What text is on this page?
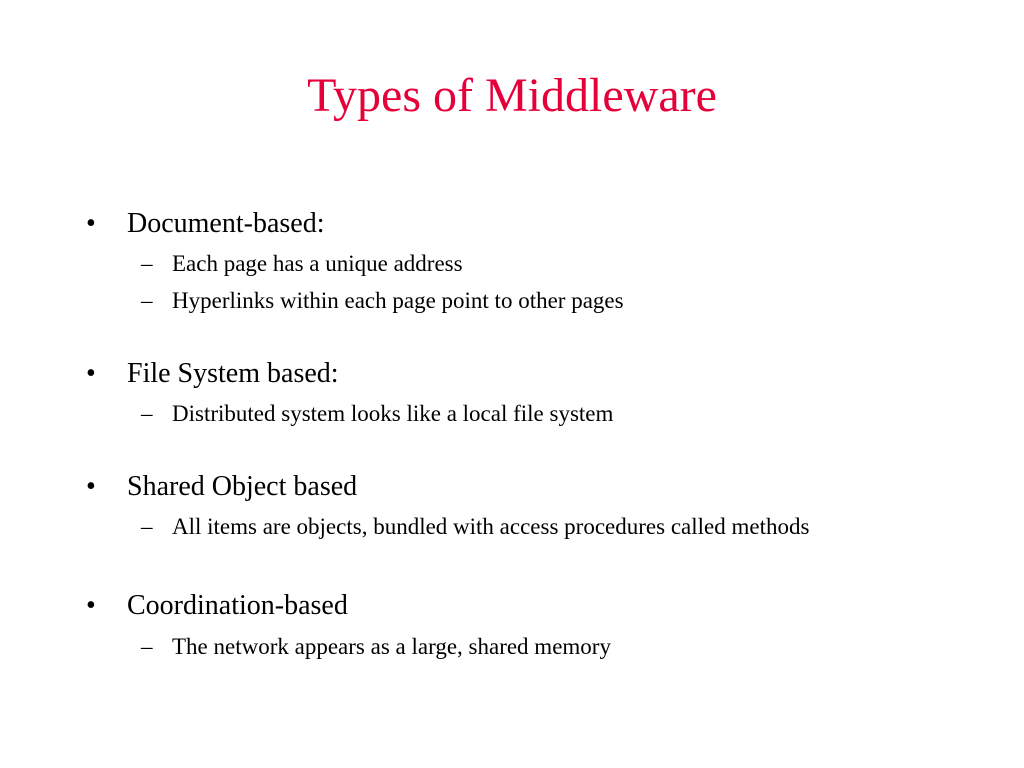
Types of Middleware
• Document-based:
– Each page has a unique address
– Hyperlinks within each page point to other pages
• File System based:
– Distributed system looks like a local file system
• Shared Object based
– All items are objects, bundled with access procedures called methods
• Coordination-based
– The network appears as a large, shared memory
